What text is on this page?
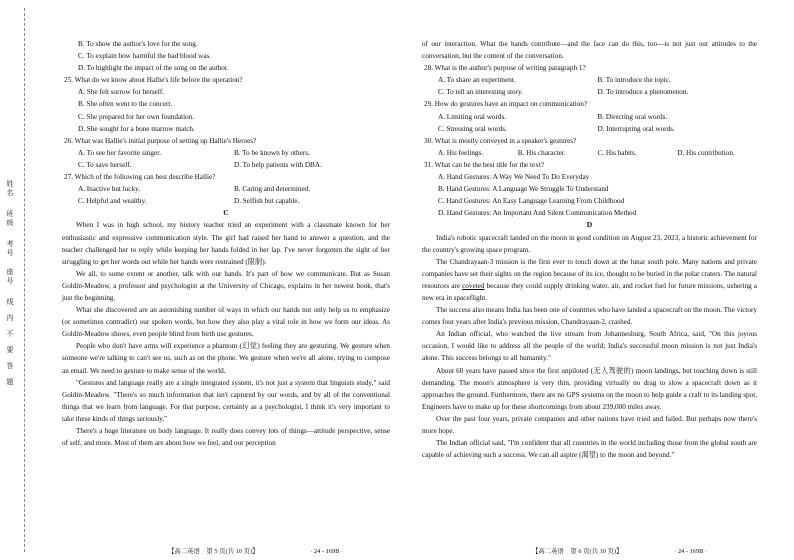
姓名
班级
考号
座号
线
内
不
要
答
题
B. To show the author's love for the song.
C. To explain how harmful the bad blood was.
D. To highlight the impact of the song on the author.
25. What do we know about Hallie's life before the operation?
A. She felt sorrow for herself.
B. She often went to the concert.
C. She prepared for her own foundation.
D. She sought for a bone marrow match.
26. What was Hallie's initial purpose of setting up Hallie's Heroes?
A. To see her favorite singer.	B. To be known by others.
C. To save herself.	D. To help patients with DBA.
27. Which of the following can best describe Hallie?
A. Inactive but lucky.	B. Caring and determined.
C. Helpful and wealthy.	D. Selfish but capable.
C
When I was in high school, my history teacher tried an experiment with a classmate known for her enthusiastic and expressive communication style. The girl had raised her hand to answer a question, and the teacher challenged her to reply while keeping her hands folded in her lap. I've never forgotten the sight of her struggling to get her words out while her hands were restrained (限制).
We all, to some extent or another, talk with our hands. It's part of how we communicate. But as Susan Goldin-Meadow, a professor and psychologist at the University of Chicago, explains in her newest book, that's just the beginning.
What she discovered are an astonishing number of ways in which our hands not only help us to emphasize (or sometimes contradict) our spoken words, but how they also play a vital role in how we form our ideas. As Goldin-Meadow shows, even people blind from birth use gestures.
People who don't have arms will experience a phantom (幻觉) feeling they are gesturing. We gesture when someone we're talking to can't see us, such as on the phone. We gesture when we're all alone, trying to compose an email. We need to gesture to make sense of the world.
"Gestures and language really are a single integrated system, it's not just a system that linguists study," said Goldin-Meadow. "There's so much information that isn't captured by our words, and by all of the conventional things that we learn from language. For that purpose, certainly as a psychologist, I think it's very important to take these kinds of things seriously."
There's a huge literature on body language. It really does convey lots of things—attitude perspective, sense of self, and more. Most of them are about how we feel, and our perception
of our interaction. What the hands contribute—and the face can do this, too—is not just our attitudes to the conversation, but the content of the conversation.
28. What is the author's purpose of writing paragraph 1?
A. To share an experiment.	B. To introduce the topic.
C. To tell an interesting story.	D. To introduce a phenomenon.
29. How do gestures have an impact on communication?
A. Limiting oral words.	B. Directing oral words.
C. Stressing oral words.	D. Interrupting oral words.
30. What is mostly conveyed in a speaker's gestures?
A. His feelings.	B. His character.	C. His habits.	D. His contribution.
31. What can be the best title for the text?
A. Hand Gestures: A Way We Need To Do Everyday
B. Hand Gestures: A Language We Struggle To Understand
C. Hand Gestures: An Easy Language Learning From Childhood
D. Hand Gestures: An Important And Silent Communication Method
D
India's robotic spacecraft landed on the moon in good condition on August 23, 2023, a historic achievement for the country's growing space program.
The Chandrayaan-3 mission is the first ever to touch down at the lunar south pole. Many nations and private companies have set their sights on the region because of its ice, thought to be buried in the polar craters. The natural resources are coveted because they could supply drinking water, air, and rocket fuel for future missions, ushering a new era in spaceflight.
The success also means India has been one of countries who have landed a spacecraft on the moon. The victory comes four years after India's previous mission, Chandrayaan-2, crashed.
An Indian official, who watched the live stream from Johannesburg, South Africa, said, "On this joyous occasion, I would like to address all the people of the world; India's successful moon mission is not just India's alone. This success belongs to all humanity."
About 60 years have passed since the first unpiloted (无人驾驶的) moon landings, but touching down is still demanding. The moon's atmosphere is very thin, providing virtually no drag to slow a spacecraft down as it approaches the ground. Furthermore, there are no GPS systems on the moon to help guide a craft to its landing spot. Engineers have to make up for these shortcomings from about 239,000 miles away.
Over the past four years, private companies and other nations have tried and failed. But perhaps now there's more hope.
The Indian official said, "I'm confident that all countries in the world including those from the global south are capable of achieving such a success. We can all aspire (渴望) to the moon and beyond."
【高二英语　第 5 页(共 10 页)】	· 24 - 169B ·	【高二英语　第 6 页(共 10 页)】	· 24 - 169B ·
